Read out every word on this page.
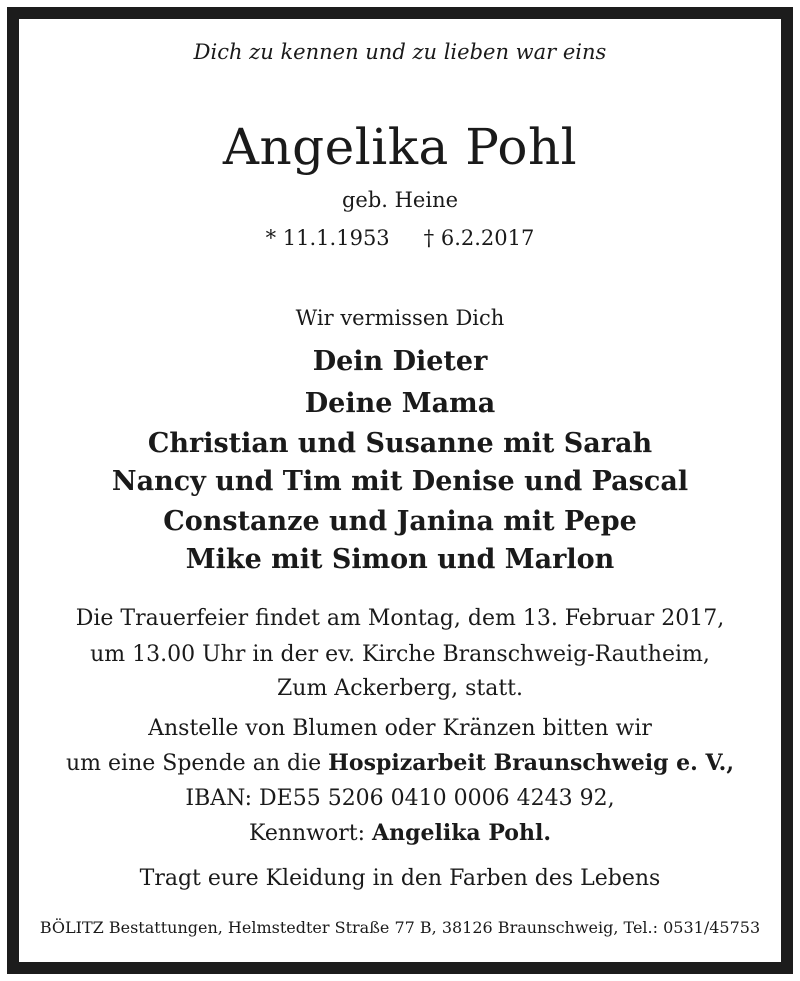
Dich zu kennen und zu lieben war eins
Angelika Pohl
geb. Heine
* 11.1.1953 † 6.2.2017
Wir vermissen Dich
Dein Dieter
Deine Mama
Christian und Susanne mit Sarah
Nancy und Tim mit Denise und Pascal
Constanze und Janina mit Pepe
Mike mit Simon und Marlon
Die Trauerfeier findet am Montag, dem 13. Februar 2017,
um 13.00 Uhr in der ev. Kirche Branschweig-Rautheim,
Zum Ackerberg, statt.
Anstelle von Blumen oder Kränzen bitten wir
um eine Spende an die Hospizarbeit Braunschweig e. V.,
IBAN: DE55 5206 0410 0006 4243 92,
Kennwort: Angelika Pohl.
Tragt eure Kleidung in den Farben des Lebens
BÖLITZ Bestattungen, Helmstedter Straße 77 B, 38126 Braunschweig, Tel.: 0531/45753
